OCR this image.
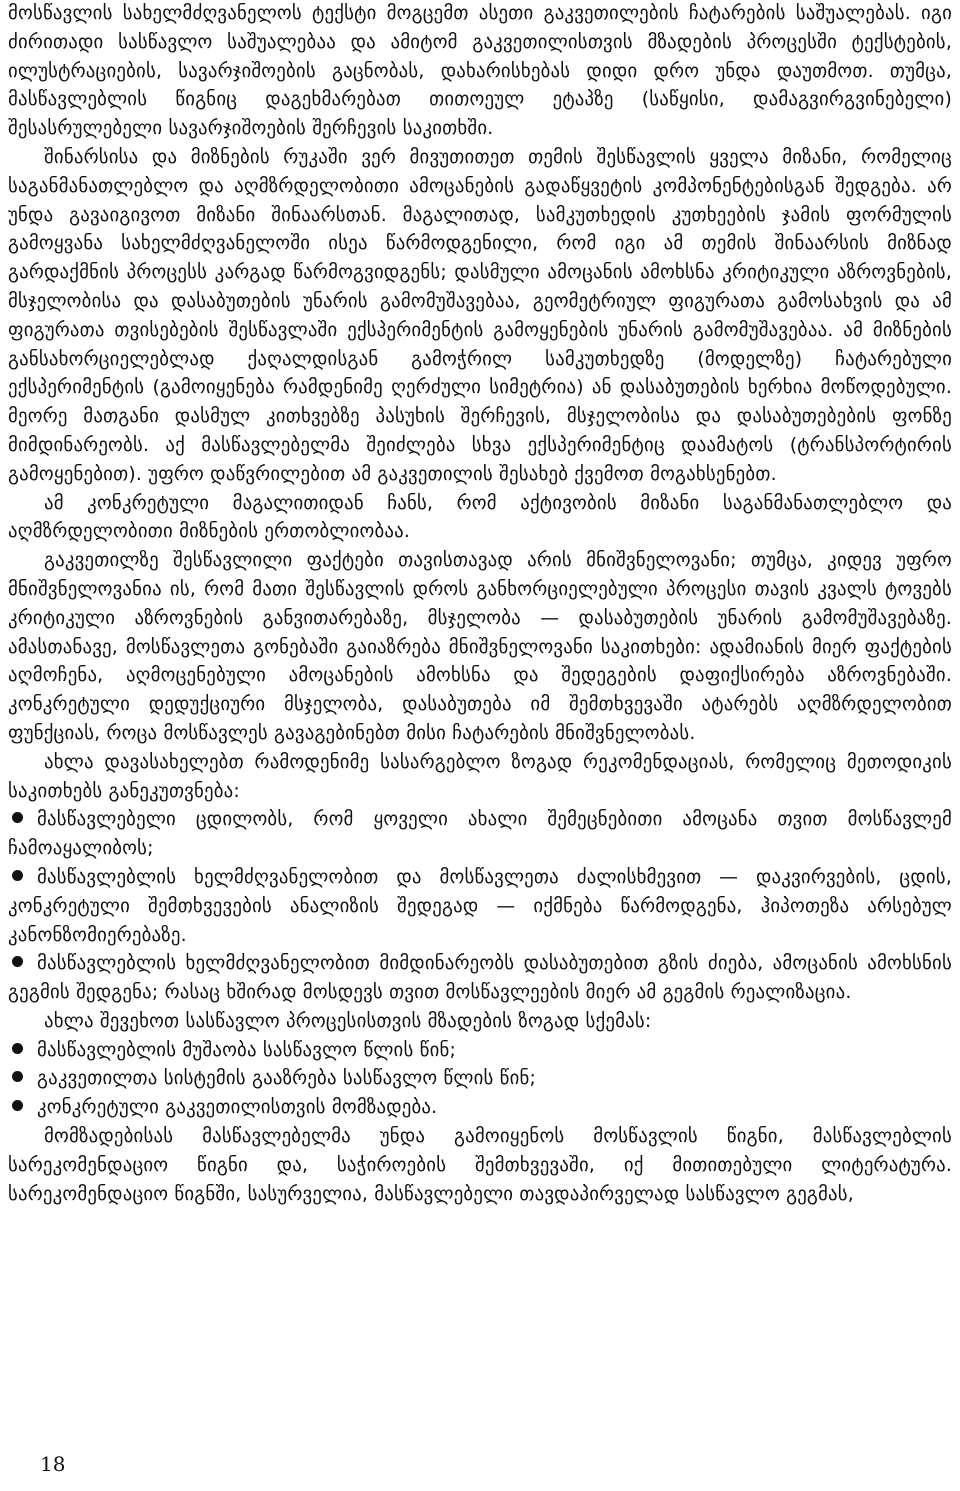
მოსწავლის სახელმძღვანელოს ტექსტი მოგცემთ ასეთი გაკვეთილების ჩატარების საშუალებას. იგი ძირითადი სასწავლო საშუალებაა და ამიტომ გაკვეთილისთვის მზადების პროცესში ტექსტების, ილუსტრაციების, სავარჯიშოების გაცნობას, დახარისხებას დიდი დრო უნდა დაუთმოთ. თუმცა, მასწავლებლის წიგნიც დაგეხმარებათ თითოეულ ეტაპზე (საწყისი, დამაგვირგვინებელი) შესასრულებელი სავარჯიშოების შერჩევის საკითხში.

შინარსისა და მიზნების რუკაში ვერ მივუთითეთ თემის შესწავლის ყველა მიზანი, რომელიც საგანმანათლებლო და აღმზრდელობითი ამოცანების გადაწყვეტის კომპონენტებისგან შედგება. არ უნდა გავაიგივოთ მიზანი შინაარსთან. მაგალითად, სამკუთხედის კუთხეების ჯამის ფორმულის გამოყვანა სახელმძღვანელოში ისეა წარმოდგენილი, რომ იგი ამ თემის შინაარსის მიზნად გარდაქმნის პროცესს კარგად წარმოგვიდგენს; დასმული ამოცანის ამოხსნა კრიტიკული აზროვნების, მსჯელობისა და დასაბუთების უნარის გამომუშავებაა, გეომეტრიულ ფიგურათა გამოსახვის და ამ ფიგურათა თვისებების შესწავლაში ექსპერიმენტის გამოყენების უნარის გამომუშავებაა. ამ მიზნების განსახორციელებლად ქაღალდისგან გამოჭრილ სამკუთხედზე (მოდელზე) ჩატარებული ექსპერიმენტის (გამოიყენება რამდენიმე ღერძული სიმეტრია) ან დასაბუთების ხერხია მოწოდებული. მეორე მათგანი დასმულ კითხვებზე პასუხის შერჩევის, მსჯელობისა და დასაბუთებების ფონზე მიმდინარეობს. აქ მასწავლებელმა შეიძლება სხვა ექსპერიმენტიც დაამატოს (ტრანსპორტირის გამოყენებით). უფრო დაწვრილებით ამ გაკვეთილის შესახებ ქვემოთ მოგახსენებთ.

ამ კონკრეტული მაგალითიდან ჩანს, რომ აქტივობის მიზანი საგანმანათლებლო და აღმზრდელობითი მიზნების ერთობლიობაა.

გაკვეთილზე შესწავლილი ფაქტები თავისთავად არის მნიშვნელოვანი; თუმცა, კიდევ უფრო მნიშვნელოვანია ის, რომ მათი შესწავლის დროს განხორციელებული პროცესი თავის კვალს ტოვებს კრიტიკული აზროვნების განვითარებაზე, მსჯელობა — დასაბუთების უნარის გამომუშავებაზე. ამასთანავე, მოსწავლეთა გონებაში გაიაზრება მნიშვნელოვანი საკითხები: ადამიანის მიერ ფაქტების აღმოჩენა, აღმოცენებული ამოცანების ამოხსნა და შედეგების დაფიქსირება აზროვნებაში. კონკრეტული დედუქციური მსჯელობა, დასაბუთება იმ შემთხვევაში ატარებს აღმზრდელობით ფუნქციას, როცა მოსწავლეს გავაგებინებთ მისი ჩატარების მნიშვნელობას.

ახლა დავასახელებთ რამოდენიმე სასარგებლო ზოგად რეკომენდაციას, რომელიც მეთოდიკის საკითხებს განეკუთვნება:

მასწავლებელი ცდილობს, რომ ყოველი ახალი შემეცნებითი ამოცანა თვით მოსწავლემ ჩამოაყალიბოს;
მასწავლებლის ხელმძღვანელობით და მოსწავლეთა ძალისხმევით — დაკვირვების, ცდის, კონკრეტული შემთხვევების ანალიზის შედეგად — იქმნება წარმოდგენა, ჰიპოთეზა არსებულ კანონზომიერებაზე.
მასწავლებლის ხელმძღვანელობით მიმდინარეობს დასაბუთებით გზის ძიება, ამოცანის ამოხსნის გეგმის შედგენა; რასაც ხშირად მოსდევს თვით მოსწავლეების მიერ ამ გეგმის რეალიზაცია.

ახლა შევეხოთ სასწავლო პროცესისთვის მზადების ზოგად სქემას:

მასწავლებლის მუშაობა სასწავლო წლის წინ;
გაკვეთილთა სისტემის გააზრება სასწავლო წლის წინ;
კონკრეტული გაკვეთილისთვის მომზადება.

მომზადებისას მასწავლებელმა უნდა გამოიყენოს მოსწავლის წიგნი, მასწავლებლის სარეკომენდაციო წიგნი და, საჭიროების შემთხვევაში, იქ მითითებული ლიტერატურა. სარეკომენდაციო წიგნში, სასურველია, მასწავლებელი თავდაპირველად სასწავლო გეგმას,

18
